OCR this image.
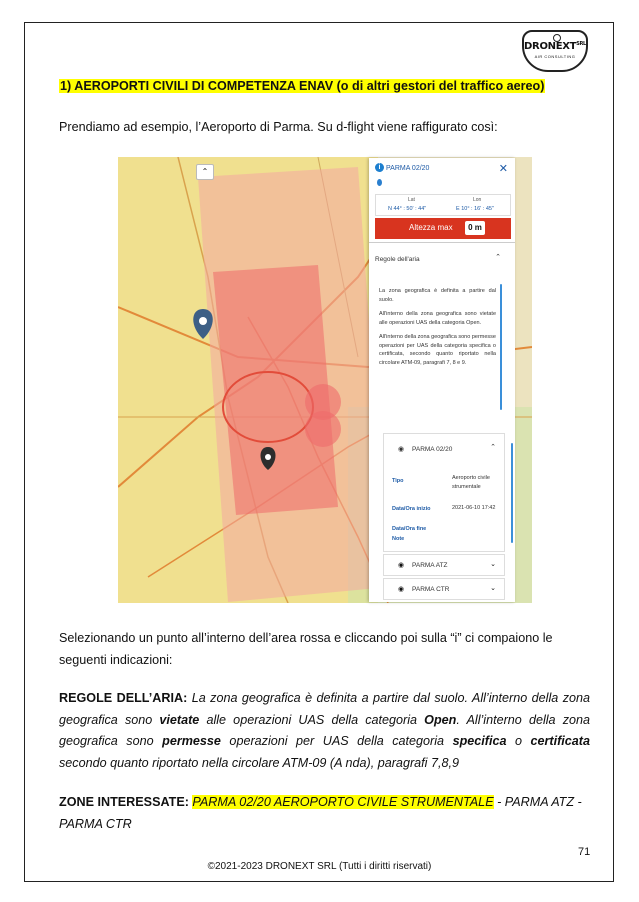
$DRONEXT^{SRL}$
AIR CONSULTING
1) AEROPORTI CIVILI DI COMPETENZA ENAV (o di altri gestori del traffico aereo)
Prendiamo ad esempio, l’Aeroporto di Parma. Su d-flight viene raffigurato così:
⌃	i PARMA 02/20	✕
Lat	Lon
N 44° : 50' : 44"	E 10° : 16' : 45"
Altezza max	0 m
Regole dell'aria	⌃

La zona geografica è definita a partire dal suolo.

All'interno della zona geografica sono vietate alle operazioni UAS della categoria Open.

All'interno della zona geografica sono permesse operazioni per UAS della categoria specifica o certificata, secondo quanto riportato nella circolare ATM-09, paragrafi 7, 8 e 9.

◉ PARMA 02/20	⌃
Tipo	Aeroporto civile strumentale
Data/Ora inizio	2021-06-10 17:42
Data/Ora fine
Note
◉ PARMA ATZ	⌄
◉ PARMA CTR	⌄

Selezionando un punto all’interno dell’area rossa e cliccando poi sulla “i” ci compaiono le seguenti indicazioni:

REGOLE DELL’ARIA: La zona geografica è definita a partire dal suolo. All’interno della zona geografica sono vietate alle operazioni UAS della categoria Open. All’interno della zona geografica sono permesse operazioni per UAS della categoria specifica o certificata secondo quanto riportato nella circolare ATM-09 (A nda), paragrafi 7,8,9

ZONE INTERESSATE: PARMA 02/20 AEROPORTO CIVILE STRUMENTALE - PARMA ATZ - PARMA CTR

71
©2021-2023 DRONEXT SRL (Tutti i diritti riservati)
